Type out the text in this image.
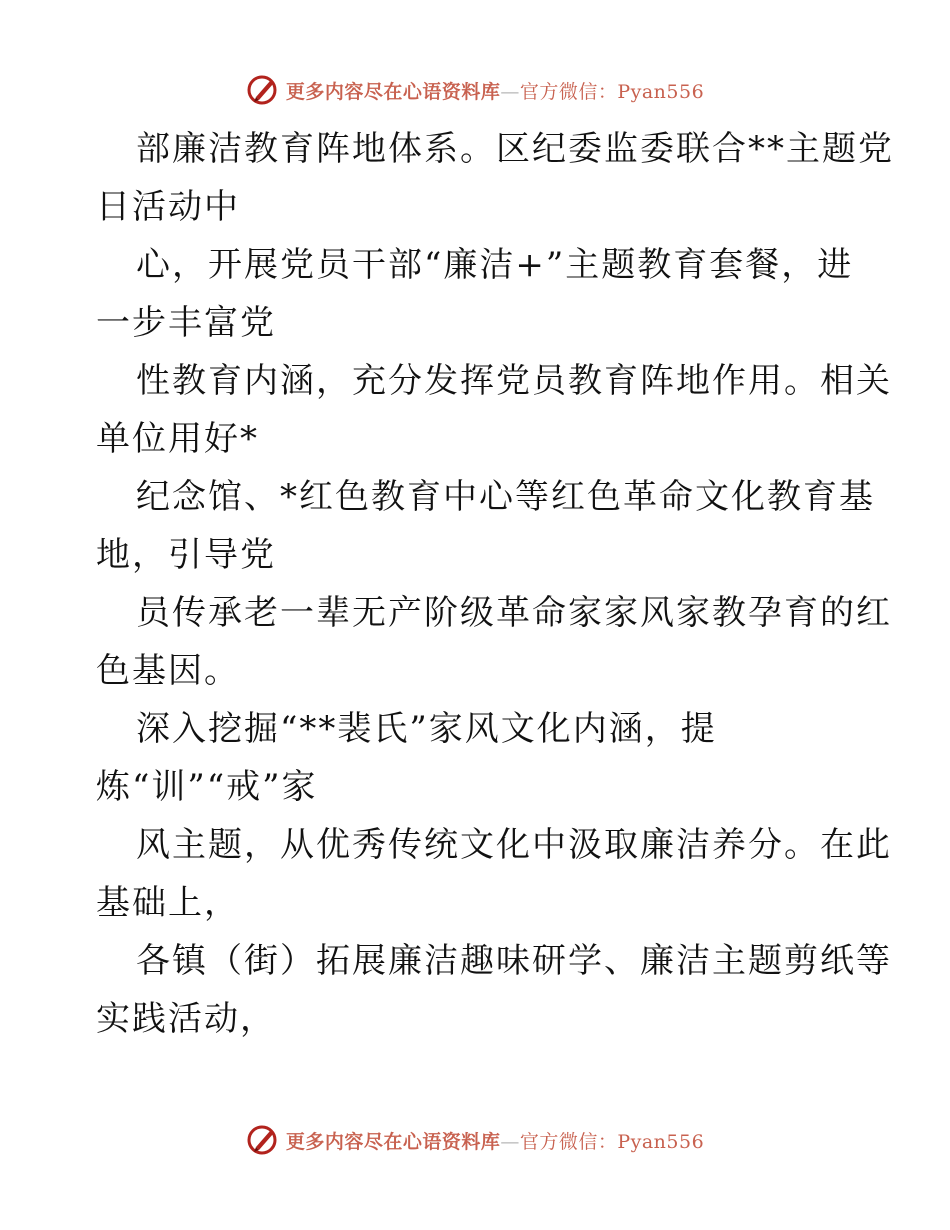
更多内容尽在心语资料库—官方微信：Pyan556
部廉洁教育阵地体系。区纪委监委联合**主题党
日活动中
心，开展党员干部“廉洁+”主题教育套餐，进
一步丰富党
性教育内涵，充分发挥党员教育阵地作用。相关
单位用好*
纪念馆、*红色教育中心等红色革命文化教育基
地，引导党
员传承老一辈无产阶级革命家家风家教孕育的红
色基因。
深入挖掘“**裴氏”家风文化内涵，提
炼“训”“戒”家
风主题，从优秀传统文化中汲取廉洁养分。在此
基础上，
各镇（街）拓展廉洁趣味研学、廉洁主题剪纸等
实践活动，
更多内容尽在心语资料库—官方微信：Pyan556
